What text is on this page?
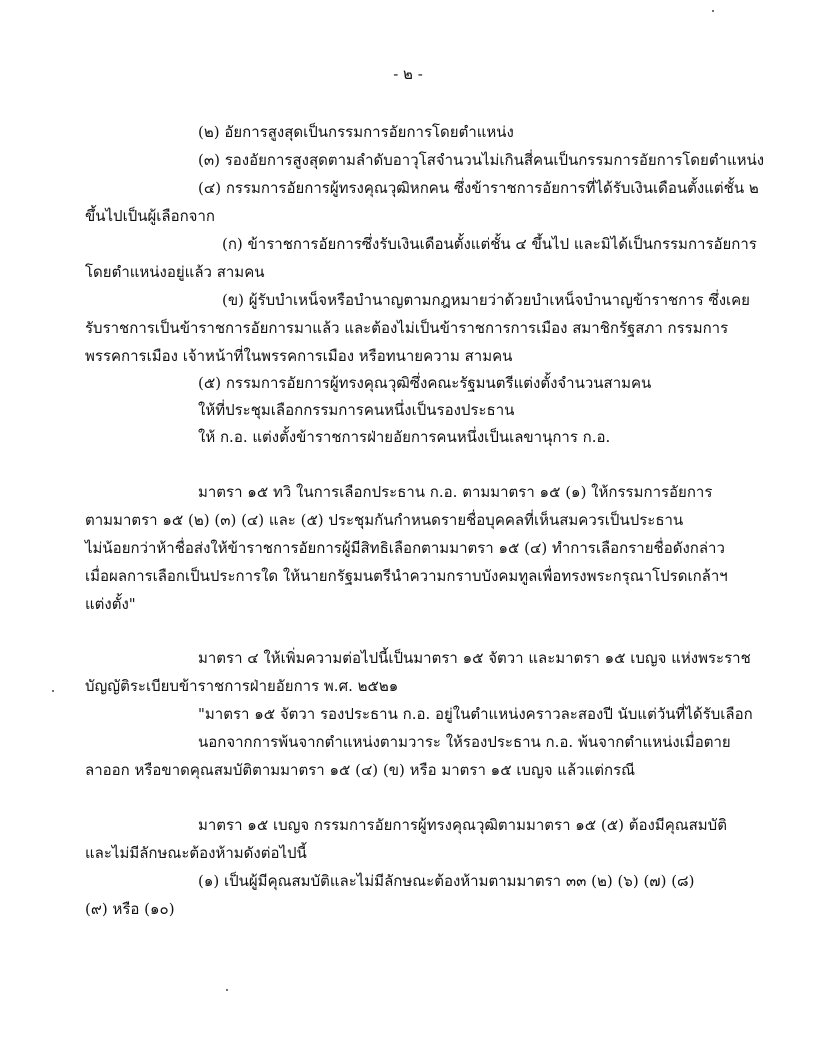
- ๒ -
(๒) อัยการสูงสุดเป็นกรรมการอัยการโดยตำแหน่ง
(๓) รองอัยการสูงสุดตามลำดับอาวุโสจำนวนไม่เกินสี่คนเป็นกรรมการอัยการโดยตำแหน่ง
(๔) กรรมการอัยการผู้ทรงคุณวุฒิหกคน ซึ่งข้าราชการอัยการที่ได้รับเงินเดือนตั้งแต่ชั้น ๒
ขึ้นไปเป็นผู้เลือกจาก
(ก) ข้าราชการอัยการซึ่งรับเงินเดือนตั้งแต่ชั้น ๔ ขึ้นไป และมิได้เป็นกรรมการอัยการ
โดยตำแหน่งอยู่แล้ว สามคน
(ข) ผู้รับบำเหน็จหรือบำนาญตามกฎหมายว่าด้วยบำเหน็จบำนาญข้าราชการ ซึ่งเคย
รับราชการเป็นข้าราชการอัยการมาแล้ว และต้องไม่เป็นข้าราชการการเมือง สมาชิกรัฐสภา กรรมการ
พรรคการเมือง เจ้าหน้าที่ในพรรคการเมือง หรือทนายความ สามคน
(๕) กรรมการอัยการผู้ทรงคุณวุฒิซึ่งคณะรัฐมนตรีแต่งตั้งจำนวนสามคน
ให้ที่ประชุมเลือกกรรมการคนหนึ่งเป็นรองประธาน
ให้ ก.อ. แต่งตั้งข้าราชการฝ่ายอัยการคนหนึ่งเป็นเลขานุการ ก.อ.
มาตรา ๑๕ ทวิ ในการเลือกประธาน ก.อ. ตามมาตรา ๑๕ (๑) ให้กรรมการอัยการ
ตามมาตรา ๑๕ (๒) (๓) (๔) และ (๕) ประชุมกันกำหนดรายชื่อบุคคลที่เห็นสมควรเป็นประธาน
ไม่น้อยกว่าห้าชื่อส่งให้ข้าราชการอัยการผู้มีสิทธิเลือกตามมาตรา ๑๕ (๔) ทำการเลือกรายชื่อดังกล่าว
เมื่อผลการเลือกเป็นประการใด ให้นายกรัฐมนตรีนำความกราบบังคมทูลเพื่อทรงพระกรุณาโปรดเกล้าฯ
แต่งตั้ง"
มาตรา ๔ ให้เพิ่มความต่อไปนี้เป็นมาตรา ๑๕ จัตวา และมาตรา ๑๕ เบญจ แห่งพระราช
บัญญัติระเบียบข้าราชการฝ่ายอัยการ พ.ศ. ๒๕๒๑
"มาตรา ๑๕ จัตวา รองประธาน ก.อ. อยู่ในตำแหน่งคราวละสองปี นับแต่วันที่ได้รับเลือก
นอกจากการพ้นจากตำแหน่งตามวาระ ให้รองประธาน ก.อ. พ้นจากตำแหน่งเมื่อตาย
ลาออก หรือขาดคุณสมบัติตามมาตรา ๑๕ (๔) (ข) หรือ มาตรา ๑๕ เบญจ แล้วแต่กรณี
มาตรา ๑๕ เบญจ กรรมการอัยการผู้ทรงคุณวุฒิตามมาตรา ๑๕ (๕) ต้องมีคุณสมบัติ
และไม่มีลักษณะต้องห้ามดังต่อไปนี้
(๑) เป็นผู้มีคุณสมบัติและไม่มีลักษณะต้องห้ามตามมาตรา ๓๓ (๒) (๖) (๗) (๘)
(๙) หรือ (๑๐)
